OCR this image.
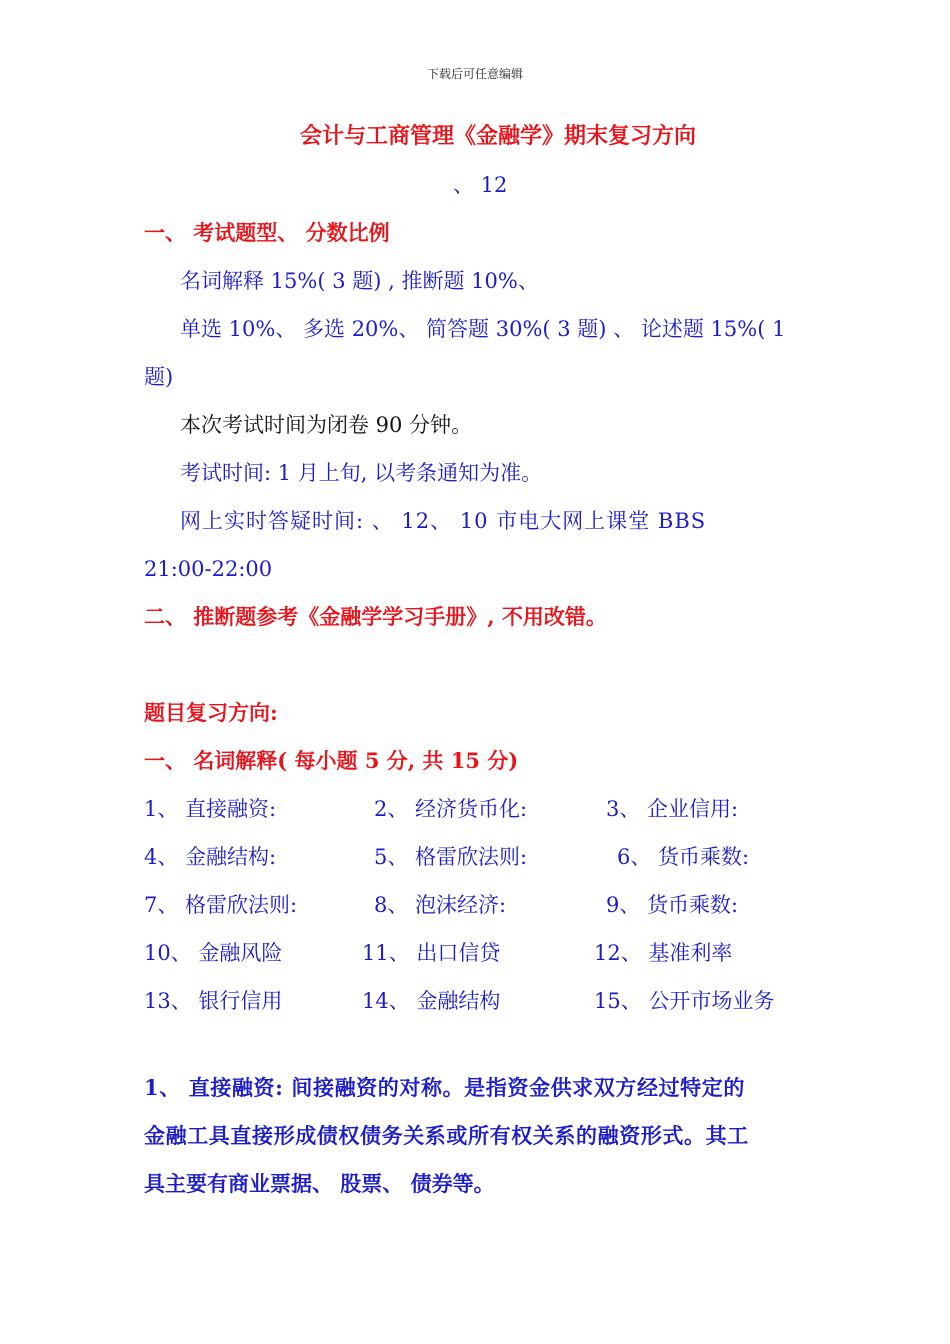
下载后可任意编辑
会计与工商管理《金融学》期末复习方向
、 12
一、 考试题型、 分数比例
名词解释 15%( 3 题) , 推断题 10%、
单选 10%、 多选 20%、 简答题 30%( 3 题) 、 论述题 15%( 1
题)
本次考试时间为闭卷 90 分钟。
考试时间: 1 月上旬, 以考条通知为准。
网上实时答疑时间: 、 12、 10 市电大网上课堂 BBS
21:00-22:00
二、 推断题参考《金融学学习手册》, 不用改错。
题目复习方向:
一、 名词解释( 每小题 5 分, 共 15 分)
1、 直接融资:	2、 经济货币化:	3、 企业信用:
4、 金融结构:	5、 格雷欣法则:	6、 货币乘数:
7、 格雷欣法则:	8、 泡沫经济:	9、 货币乘数:
10、 金融风险	11、 出口信贷	12、 基准利率
13、 银行信用	14、 金融结构	15、 公开市场业务
1、 直接融资: 间接融资的对称。是指资金供求双方经过特定的
金融工具直接形成债权债务关系或所有权关系的融资形式。其工
具主要有商业票据、 股票、 债券等。
